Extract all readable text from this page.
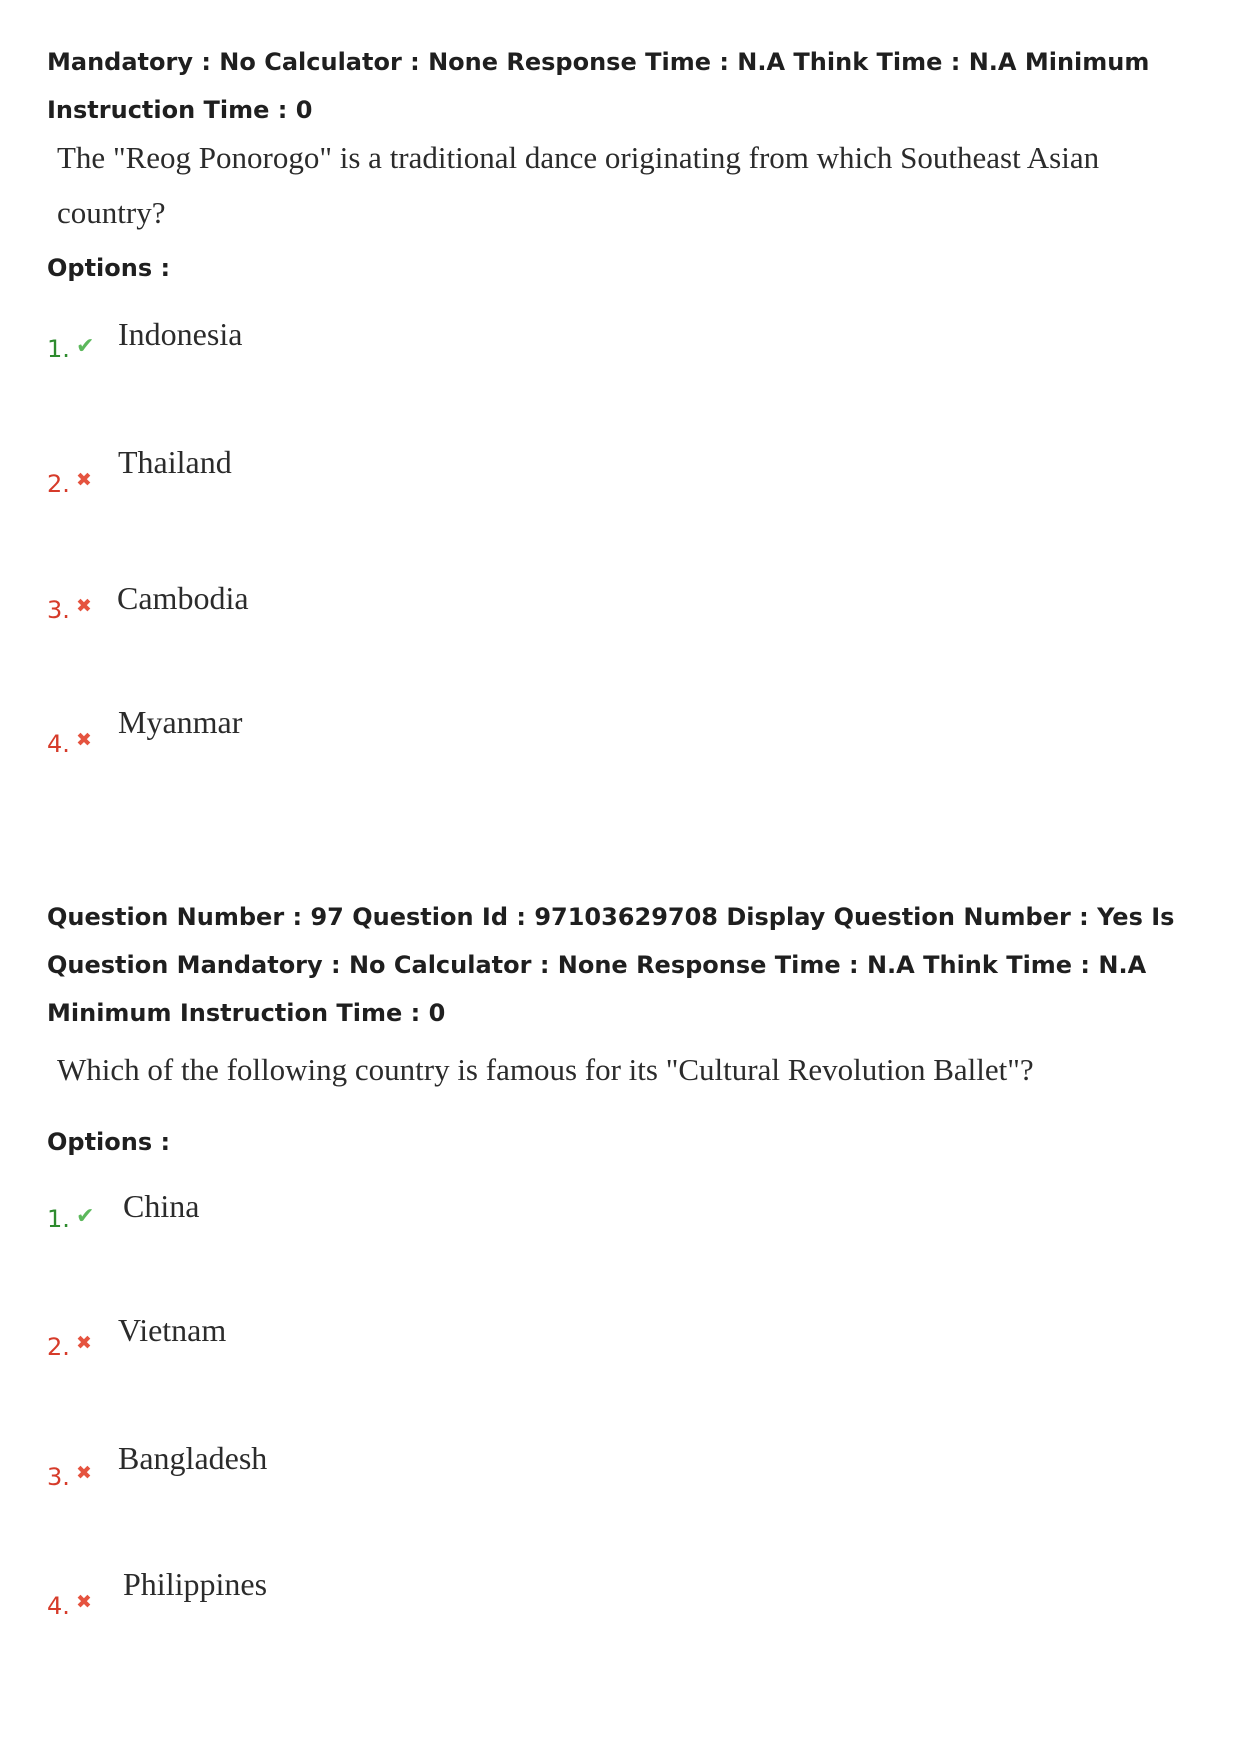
Mandatory : No Calculator : None Response Time : N.A Think Time : N.A Minimum Instruction Time : 0

The "Reog Ponorogo" is a traditional dance originating from which Southeast Asian country?

Options :
1. ✔ Indonesia
2. ✖ Thailand
3. ✖ Cambodia
4. ✖ Myanmar

Question Number : 97 Question Id : 97103629708 Display Question Number : Yes Is Question Mandatory : No Calculator : None Response Time : N.A Think Time : N.A Minimum Instruction Time : 0

Which of the following country is famous for its "Cultural Revolution Ballet"?

Options :
1. ✔ China
2. ✖ Vietnam
3. ✖ Bangladesh
4. ✖ Philippines
